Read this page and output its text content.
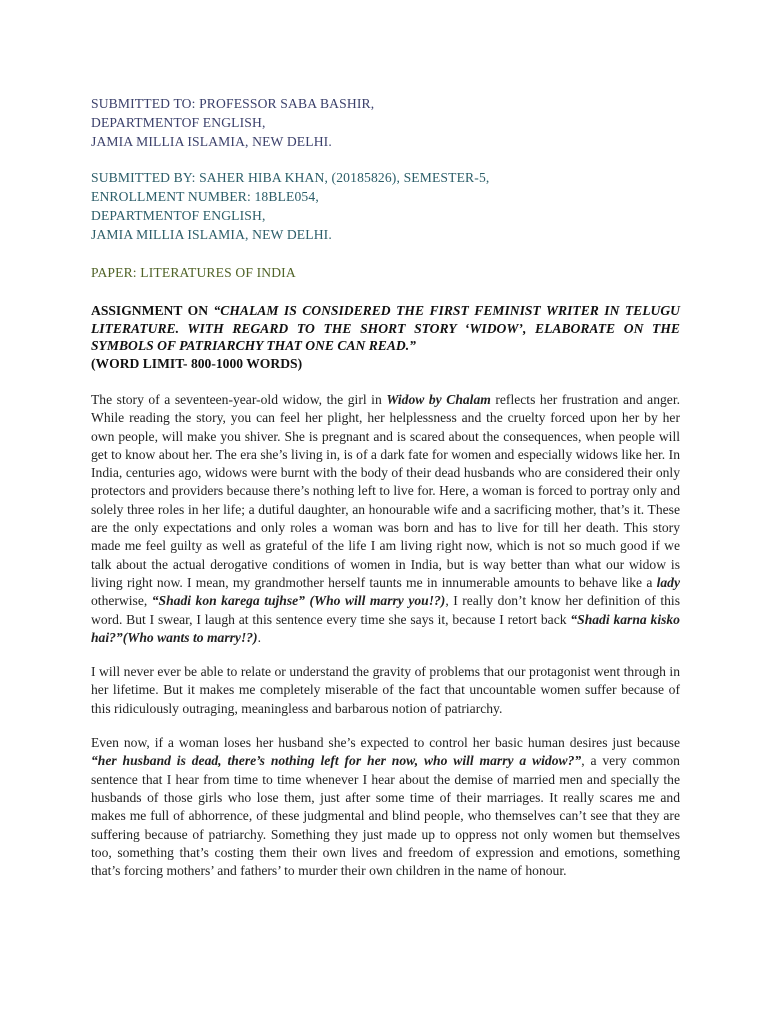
SUBMITTED TO: PROFESSOR SABA BASHIR,
DEPARTMENTOF ENGLISH,
JAMIA MILLIA ISLAMIA, NEW DELHI.
SUBMITTED BY: SAHER HIBA KHAN, (20185826), SEMESTER-5,
ENROLLMENT NUMBER: 18BLE054,
DEPARTMENTOF ENGLISH,
JAMIA MILLIA ISLAMIA, NEW DELHI.
PAPER: LITERATURES OF INDIA
ASSIGNMENT ON “CHALAM IS CONSIDERED THE FIRST FEMINIST WRITER IN TELUGU LITERATURE. WITH REGARD TO THE SHORT STORY ‘WIDOW’, ELABORATE ON THE SYMBOLS OF PATRIARCHY THAT ONE CAN READ.”
(WORD LIMIT- 800-1000 WORDS)

The story of a seventeen-year-old widow, the girl in Widow by Chalam reflects her frustration and anger. While reading the story, you can feel her plight, her helplessness and the cruelty forced upon her by her own people, will make you shiver. She is pregnant and is scared about the consequences, when people will get to know about her. The era she’s living in, is of a dark fate for women and especially widows like her. In India, centuries ago, widows were burnt with the body of their dead husbands who are considered their only protectors and providers because there’s nothing left to live for. Here, a woman is forced to portray only and solely three roles in her life; a dutiful daughter, an honourable wife and a sacrificing mother, that’s it. These are the only expectations and only roles a woman was born and has to live for till her death. This story made me feel guilty as well as grateful of the life I am living right now, which is not so much good if we talk about the actual derogative conditions of women in India, but is way better than what our widow is living right now. I mean, my grandmother herself taunts me in innumerable amounts to behave like a lady otherwise, “Shadi kon karega tujhse” (Who will marry you!?), I really don’t know her definition of this word. But I swear, I laugh at this sentence every time she says it, because I retort back “Shadi karna kisko hai?”(Who wants to marry!?).

I will never ever be able to relate or understand the gravity of problems that our protagonist went through in her lifetime. But it makes me completely miserable of the fact that uncountable women suffer because of this ridiculously outraging, meaningless and barbarous notion of patriarchy.

Even now, if a woman loses her husband she’s expected to control her basic human desires just because “her husband is dead, there’s nothing left for her now, who will marry a widow?”, a very common sentence that I hear from time to time whenever I hear about the demise of married men and specially the husbands of those girls who lose them, just after some time of their marriages. It really scares me and makes me full of abhorrence, of these judgmental and blind people, who themselves can’t see that they are suffering because of patriarchy. Something they just made up to oppress not only women but themselves too, something that’s costing them their own lives and freedom of expression and emotions, something that’s forcing mothers’ and fathers’ to murder their own children in the name of honour.
